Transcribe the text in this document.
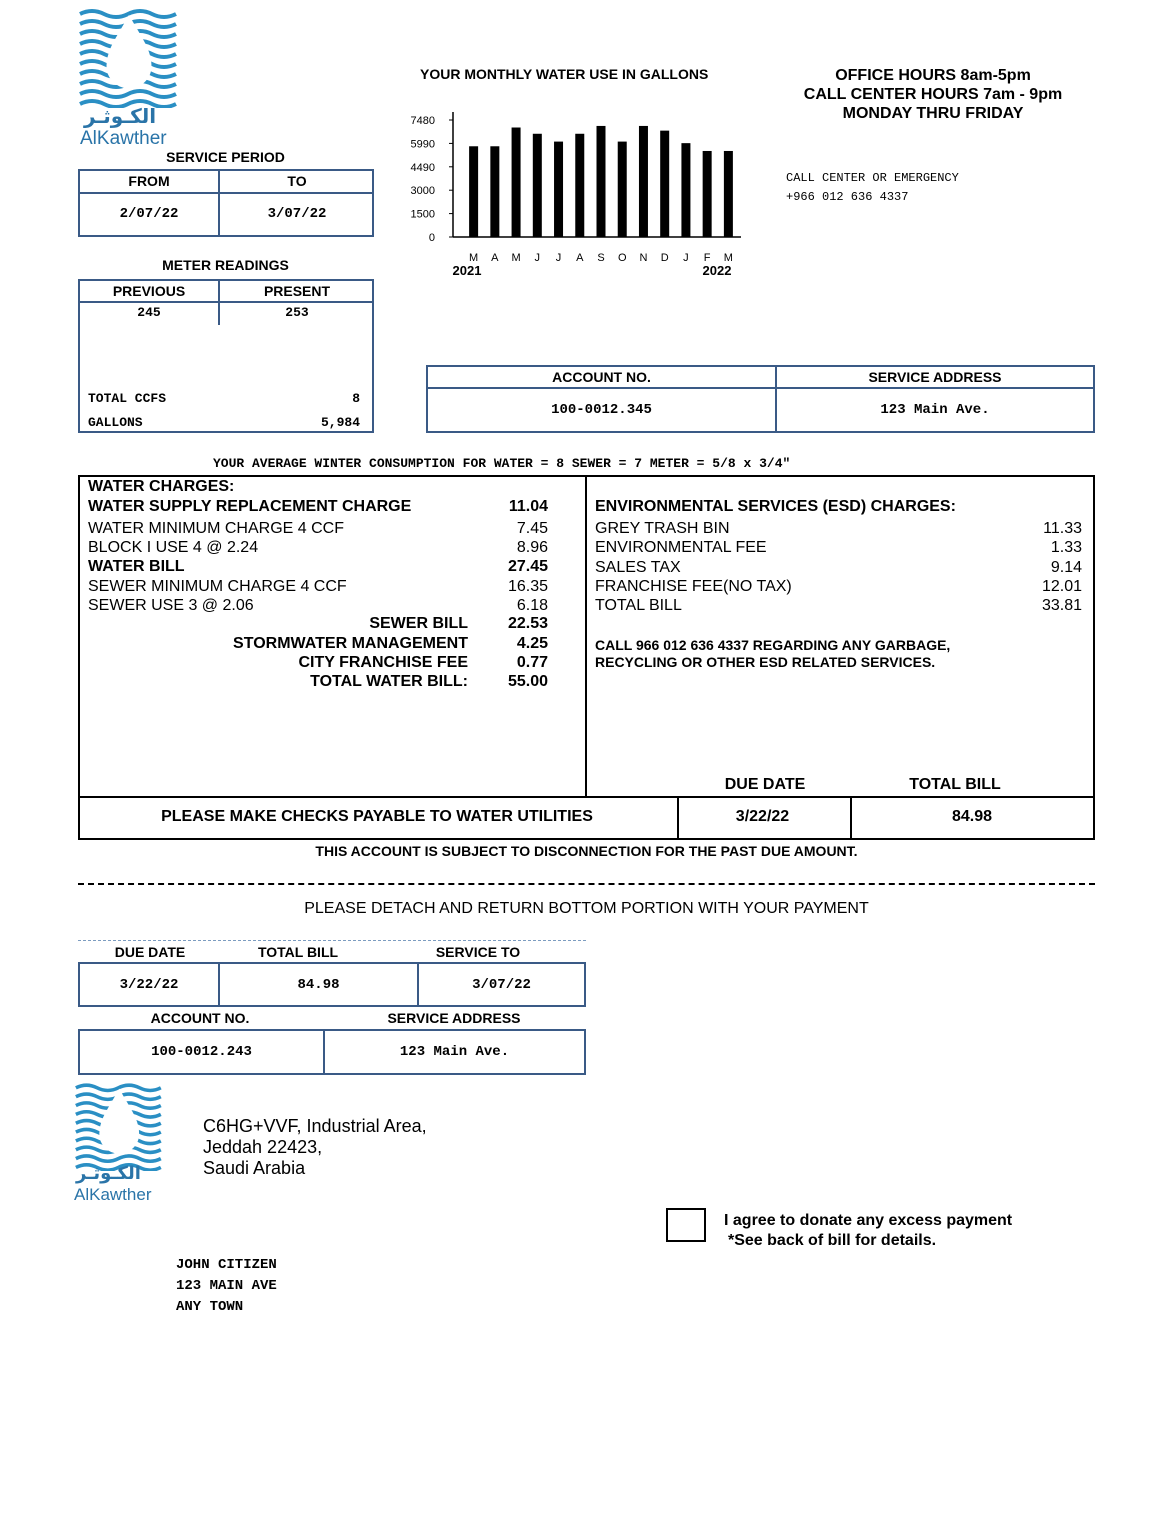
الكـوثـر
AlKawther
SERVICE PERIOD
FROM	TO
2/07/22	3/07/22
METER READINGS
PREVIOUS	PRESENT
245	253
TOTAL CCFS	8
GALLONS	5,984
YOUR MONTHLY WATER USE IN GALLONS
7480
5990
4490
3000
1500
0
M A M J J A S O N D J F M
2021	2022
OFFICE HOURS 8am-5pm
CALL CENTER HOURS 7am - 9pm
MONDAY THRU FRIDAY
CALL CENTER OR EMERGENCY
+966 012 636 4337
ACCOUNT NO.	SERVICE ADDRESS
100-0012.345	123 Main Ave.
YOUR AVERAGE WINTER CONSUMPTION FOR WATER = 8 SEWER = 7 METER = 5/8 x 3/4"
WATER CHARGES:
WATER SUPPLY REPLACEMENT CHARGE	11.04
WATER MINIMUM CHARGE 4 CCF	7.45
BLOCK I USE 4 @ 2.24	8.96
WATER BILL	27.45
SEWER MINIMUM CHARGE 4 CCF	16.35
SEWER USE 3 @ 2.06	6.18
SEWER BILL	22.53
STORMWATER MANAGEMENT	4.25
CITY FRANCHISE FEE	0.77
TOTAL WATER BILL:	55.00
ENVIRONMENTAL SERVICES (ESD) CHARGES:
GREY TRASH BIN	11.33
ENVIRONMENTAL FEE	1.33
SALES TAX	9.14
FRANCHISE FEE(NO TAX)	12.01
TOTAL BILL	33.81
CALL 966 012 636 4337 REGARDING ANY GARBAGE,
RECYCLING OR OTHER ESD RELATED SERVICES.
DUE DATE	TOTAL BILL
PLEASE MAKE CHECKS PAYABLE TO WATER UTILITIES	3/22/22	84.98
THIS ACCOUNT IS SUBJECT TO DISCONNECTION FOR THE PAST DUE AMOUNT.
PLEASE DETACH AND RETURN BOTTOM PORTION WITH YOUR PAYMENT
DUE DATE	TOTAL BILL	SERVICE TO
3/22/22	84.98	3/07/22
ACCOUNT NO.	SERVICE ADDRESS
100-0012.243	123 Main Ave.
الكـوثـر
AlKawther
C6HG+VVF, Industrial Area,
Jeddah 22423,
Saudi Arabia
I agree to donate any excess payment
*See back of bill for details.
JOHN CITIZEN
123 MAIN AVE
ANY TOWN
